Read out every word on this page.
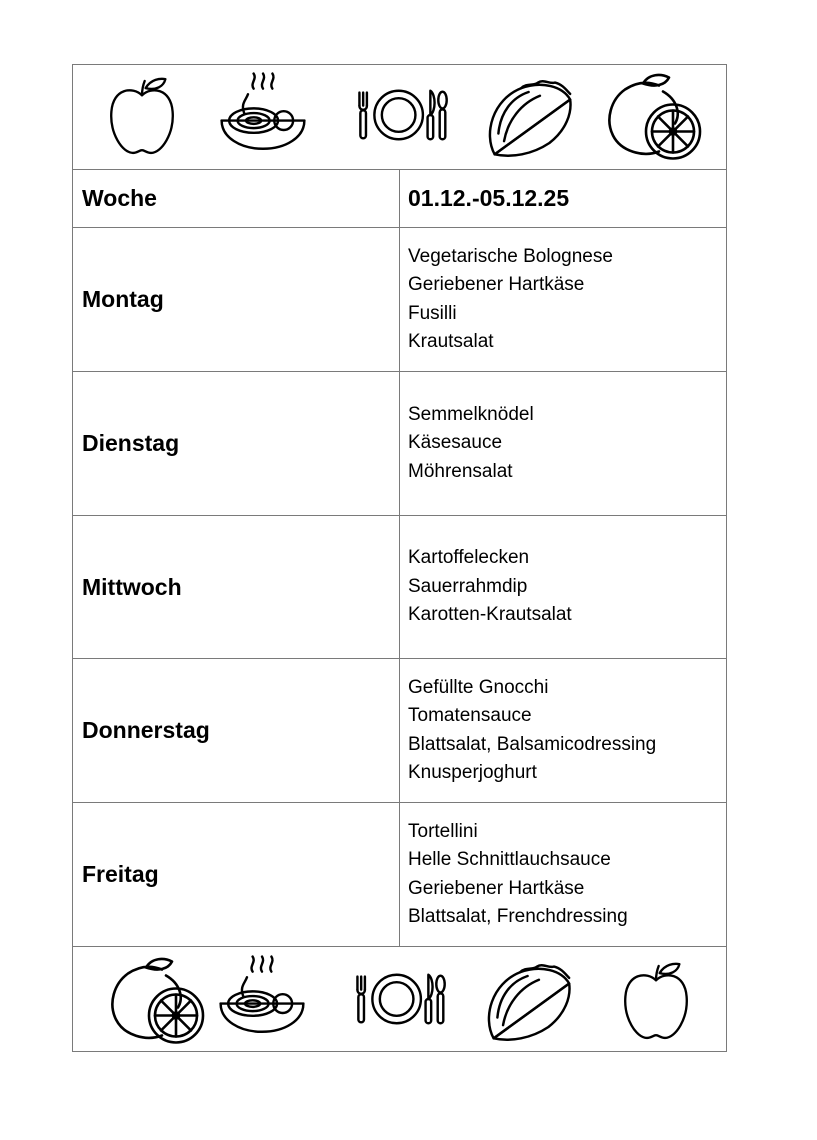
Woche	01.12.-05.12.25
Montag
Vegetarische Bolognese
Geriebener Hartkäse
Fusilli
Krautsalat
Dienstag
Semmelknödel
Käsesauce
Möhrensalat
Mittwoch
Kartoffelecken
Sauerrahmdip
Karotten-Krautsalat
Donnerstag
Gefüllte Gnocchi
Tomatensauce
Blattsalat, Balsamicodressing
Knusperjoghurt
Freitag
Tortellini
Helle Schnittlauchsauce
Geriebener Hartkäse
Blattsalat, Frenchdressing
